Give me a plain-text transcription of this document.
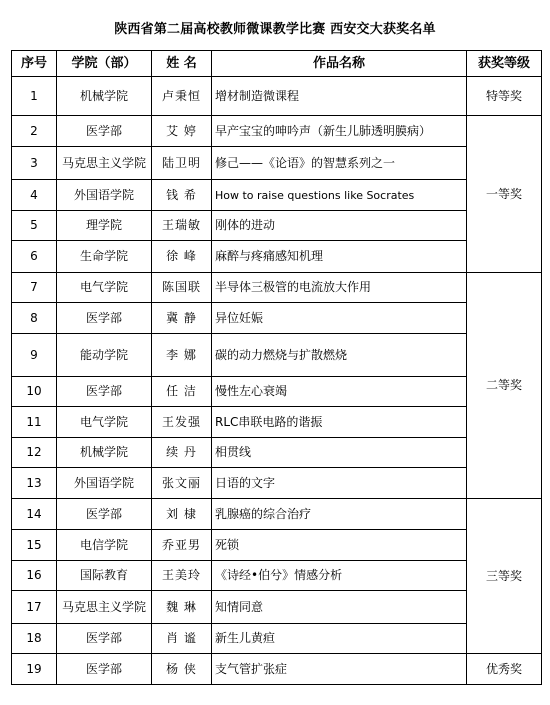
陕西省第二届高校教师微课教学比赛 西安交大获奖名单
序号	学院（部）	姓 名	作品名称	获奖等级
1	机械学院	卢秉恒	增材制造微课程	特等奖
2	医学部	艾 婷	早产宝宝的呻吟声（新生儿肺透明膜病）	一等奖
3	马克思主义学院	陆卫明	修己——《论语》的智慧系列之一	
4	外国语学院	钱 希	How to raise questions like Socrates	
5	理学院	王瑞敏	刚体的进动	
6	生命学院	徐 峰	麻醉与疼痛感知机理	
7	电气学院	陈国联	半导体三极管的电流放大作用	二等奖
8	医学部	冀 静	异位妊娠	
9	能动学院	李 娜	碳的动力燃烧与扩散燃烧	
10	医学部	任 洁	慢性左心衰竭	
11	电气学院	王发强	RLC串联电路的谐振	
12	机械学院	续 丹	相贯线	
13	外国语学院	张文丽	日语的文字	
14	医学部	刘 棣	乳腺癌的综合治疗	三等奖
15	电信学院	乔亚男	死锁	
16	国际教育	王美玲	《诗经•伯兮》情感分析	
17	马克思主义学院	魏 琳	知情同意	
18	医学部	肖 谧	新生儿黄疸	
19	医学部	杨 侠	支气管扩张症	优秀奖
